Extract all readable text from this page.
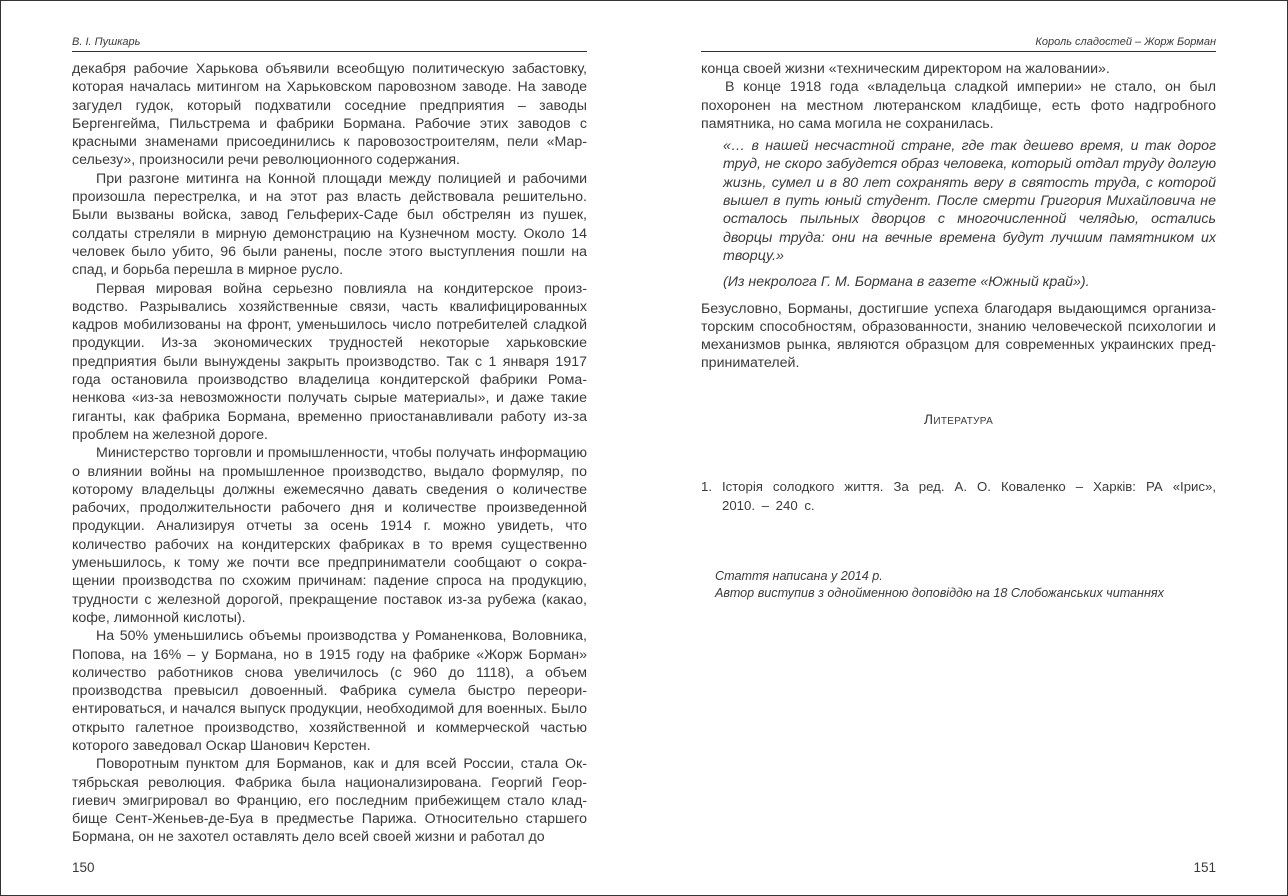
В. І. Пушкарь

декабря рабочие Харькова объявили всеобщую политическую забастовку, которая началась митингом на Харьковском паровозном заводе. На заводе загудел гудок, который подхватили соседние предприятия – заводы Бергенгейма, Пильстрема и фабрики Бормана. Рабочие этих заводов с красными знаменами присоединились к паровозостроителям, пели «Марсельезу», произносили речи революционного содержания.

При разгоне митинга на Конной площади между полицией и рабочими произошла перестрелка, и на этот раз власть действовала решительно. Были вызваны войска, завод Гельферих-Саде был обстрелян из пушек, солдаты стреляли в мирную демонстрацию на Кузнечном мосту. Около 14 человек было убито, 96 были ранены, после этого выступления пошли на спад, и борьба перешла в мирное русло.

Первая мировая война серьезно повлияла на кондитерское производство. Разрывались хозяйственные связи, часть квалифицированных кадров мобилизованы на фронт, уменьшилось число потребителей сладкой продукции. Из-за экономических трудностей некоторые харьковские предприятия были вынуждены закрыть производство. Так с 1 января 1917 года остановила производство владелица кондитерской фабрики Романенкова «из-за невозможности получать сырые материалы», и даже такие гиганты, как фабрика Бормана, временно приостанавливали работу из-за проблем на железной дороге.

Министерство торговли и промышленности, чтобы получать информацию о влиянии войны на промышленное производство, выдало формуляр, по которому владельцы должны ежемесячно давать сведения о количестве рабочих, продолжительности рабочего дня и количестве произведенной продукции. Анализируя отчеты за осень 1914 г. можно увидеть, что количество рабочих на кондитерских фабриках в то время существенно уменьшилось, к тому же почти все предприниматели сообщают о сокращении производства по схожим причинам: падение спроса на продукцию, трудности с железной дорогой, прекращение поставок из-за рубежа (какао, кофе, лимонной кислоты).

На 50% уменьшились объемы производства у Романенкова, Воловника, Попова, на 16% – у Бормана, но в 1915 году на фабрике «Жорж Борман» количество работников снова увеличилось (с 960 до 1118), а объем производства превысил довоенный. Фабрика сумела быстро переориентироваться, и начался выпуск продукции, необходимой для военных. Было открыто галетное производство, хозяйственной и коммерческой частью которого заведовал Оскар Шанович Керстен.

Поворотным пунктом для Борманов, как и для всей России, стала Октябрьская революция. Фабрика была национализирована. Георгий Георгиевич эмигрировал во Францию, его последним прибежищем стало кладбище Сент-Женьев-де-Буа в предместье Парижа. Относительно старшего Бормана, он не захотел оставлять дело всей своей жизни и работал до

150
Король сладостей – Жорж Борман

конца своей жизни «техническим директором на жаловании».

В конце 1918 года «владельца сладкой империи» не стало, он был похоронен на местном лютеранском кладбище, есть фото надгробного памятника, но сама могила не сохранилась.

«… в нашей несчастной стране, где так дешево время, и так дорог труд, не скоро забудется образ человека, который отдал труду долгую жизнь, сумел и в 80 лет сохранять веру в святость труда, с которой вышел в путь юный студент. После смерти Григория Михайловича не осталось пыльных дворцов с многочисленной челядью, остались дворцы труда: они на вечные времена будут лучшим памятником их творцу.»

(Из некролога Г. М. Бормана в газете «Южный край»).

Безусловно, Борманы, достигшие успеха благодаря выдающимся организаторским способностям, образованности, знанию человеческой психологии и механизмов рынка, являются образцом для современных украинских предпринимателей.

Литература
1. Історія солодкого життя. За ред. А. О. Коваленко – Харків: РА «Ірис», 2010. – 240 с.
Стаття написана у 2014 р.
Автор виступив з однойменною доповіддю на 18 Слобожанських читаннях
151
